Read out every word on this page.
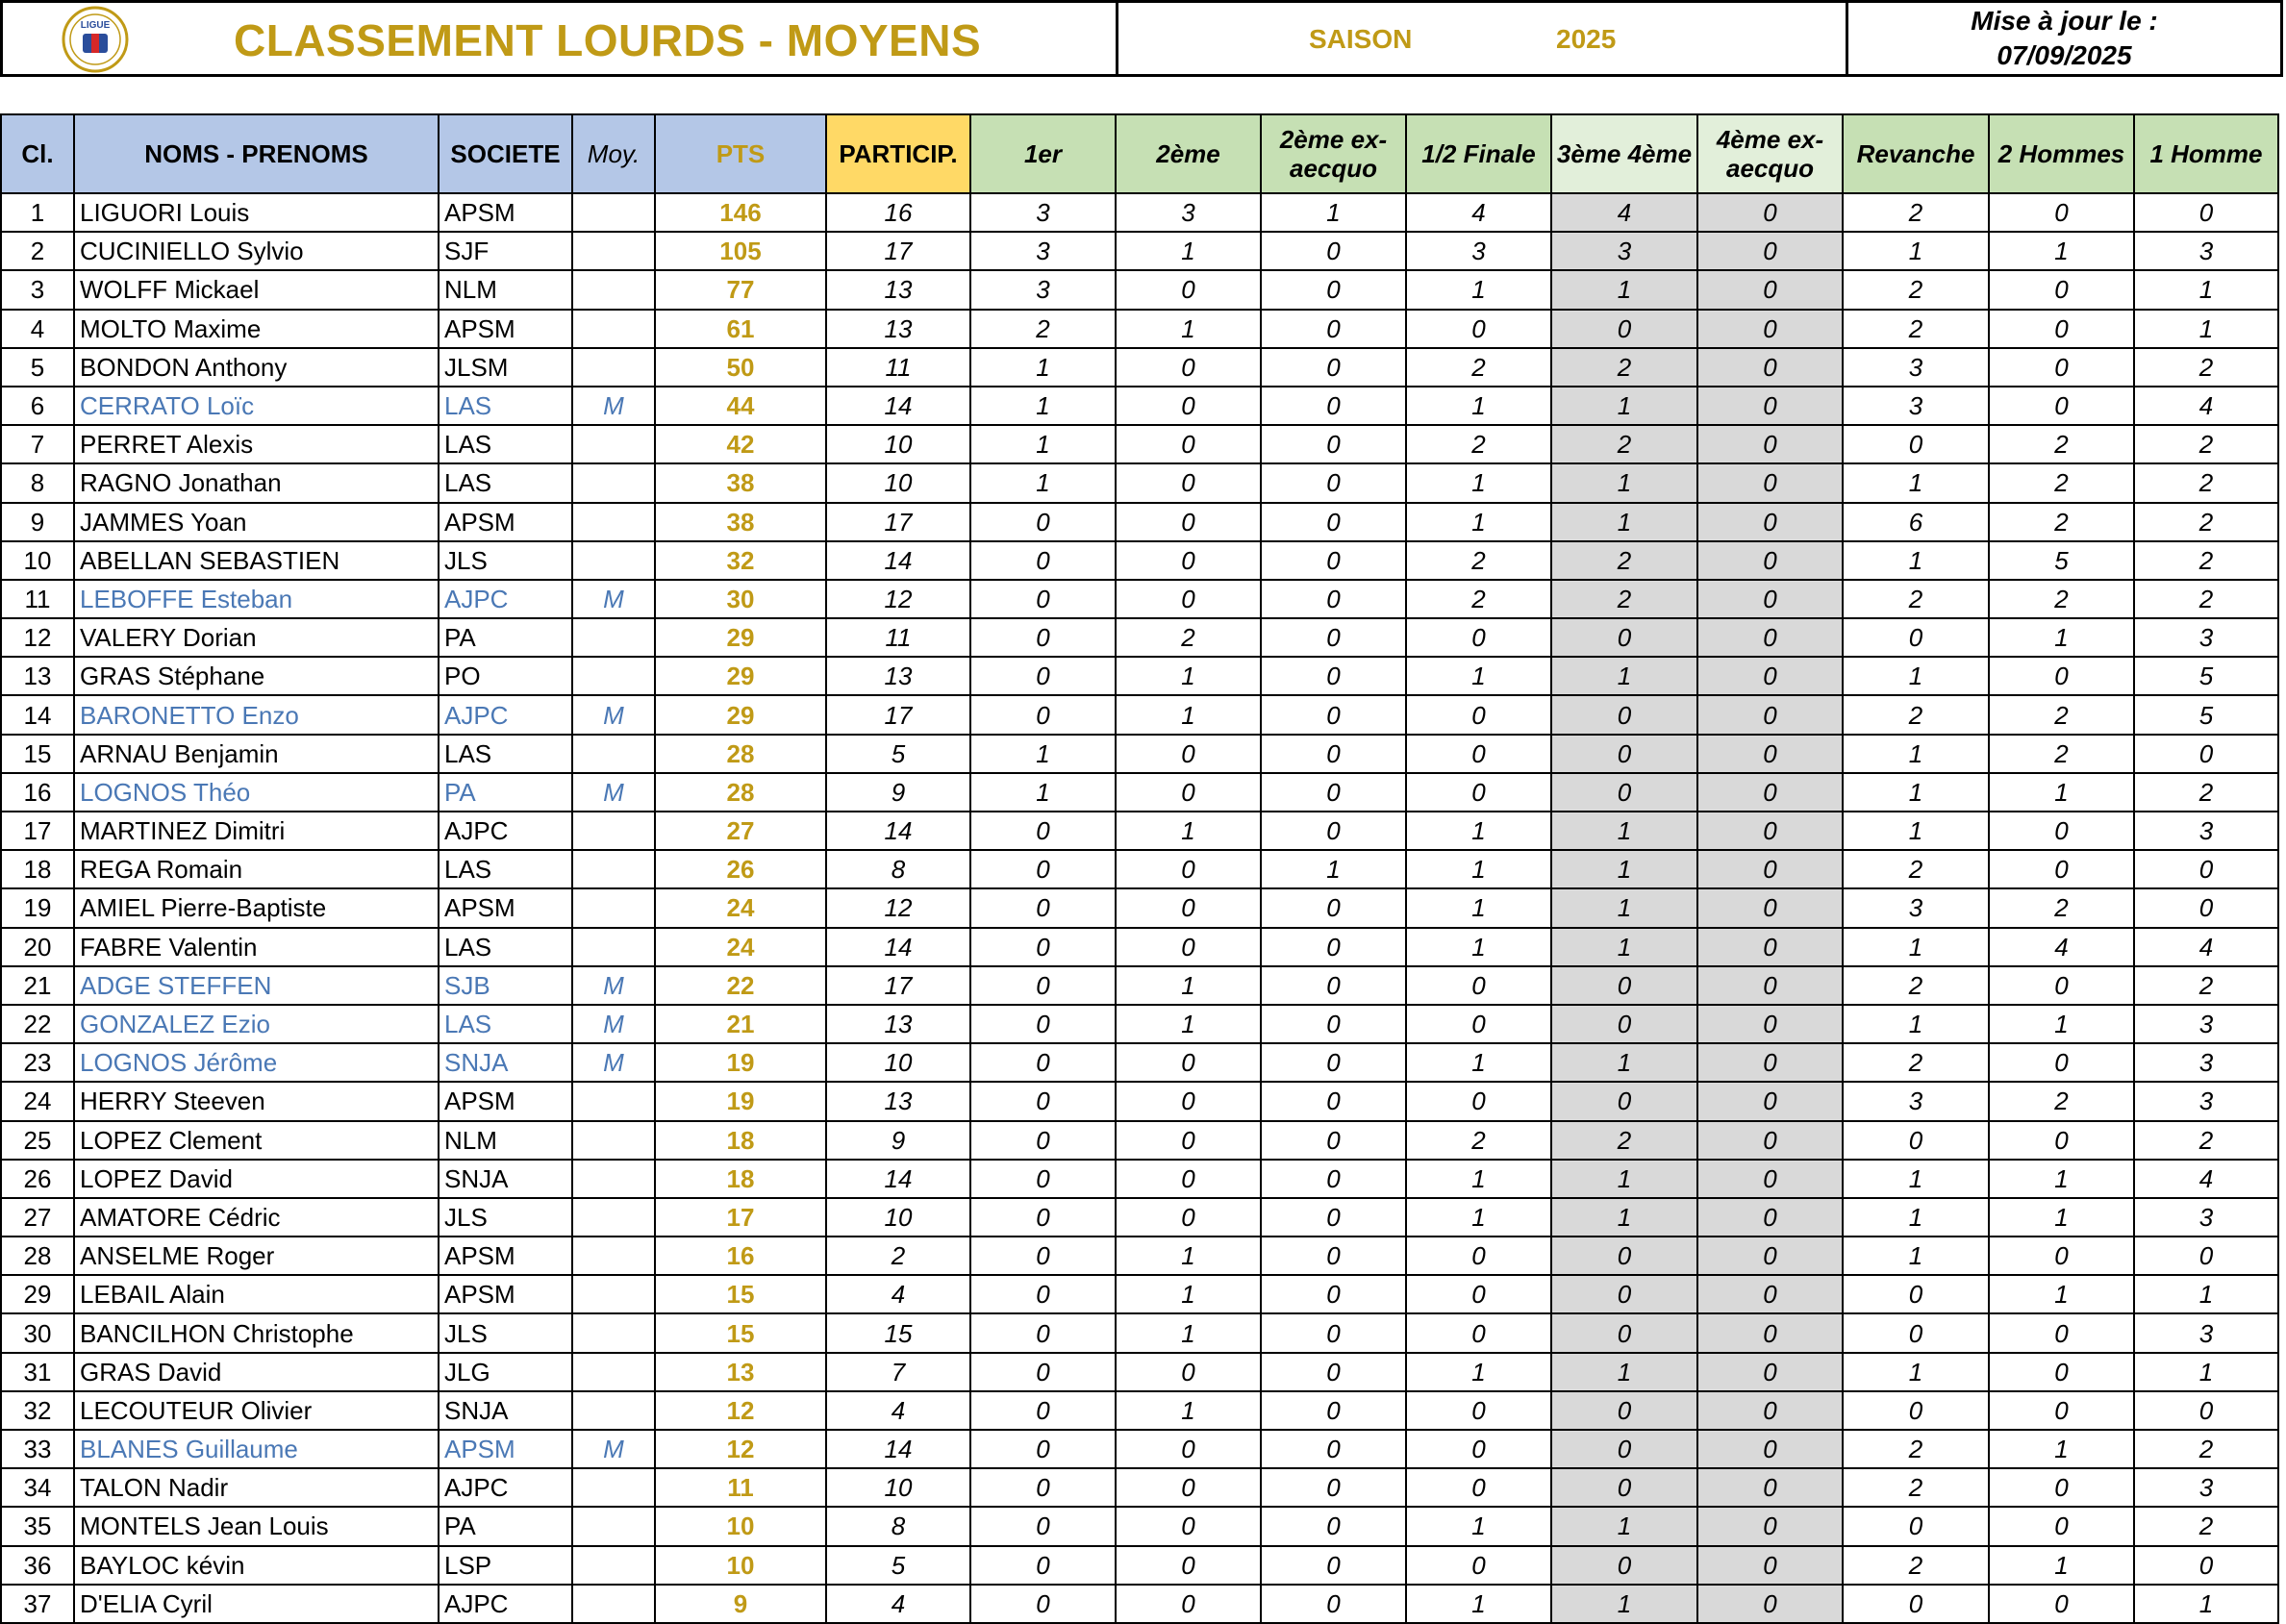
LIGUE	CLASSEMENT LOURDS - MOYENS	SAISON	2025
Mise à jour le :
07/09/2025
Cl.	NOMS - PRENOMS	SOCIETE	Moy.	PTS	PARTICIP.	1er	2ème	2ème ex-aecquo	1/2 Finale	3ème 4ème	4ème ex-aecquo	Revanche	2 Hommes	1 Homme
1	LIGUORI Louis	APSM		146	16	3	3	1	4	4	0	2	0	0
2	CUCINIELLO Sylvio	SJF		105	17	3	1	0	3	3	0	1	1	3
3	WOLFF Mickael	NLM		77	13	3	0	0	1	1	0	2	0	1
4	MOLTO Maxime	APSM		61	13	2	1	0	0	0	0	2	0	1
5	BONDON Anthony	JLSM		50	11	1	0	0	2	2	0	3	0	2
6	CERRATO Loïc	LAS	M	44	14	1	0	0	1	1	0	3	0	4
7	PERRET Alexis	LAS		42	10	1	0	0	2	2	0	0	2	2
8	RAGNO Jonathan	LAS		38	10	1	0	0	1	1	0	1	2	2
9	JAMMES Yoan	APSM		38	17	0	0	0	1	1	0	6	2	2
10	ABELLAN SEBASTIEN	JLS		32	14	0	0	0	2	2	0	1	5	2
11	LEBOFFE Esteban	AJPC	M	30	12	0	0	0	2	2	0	2	2	2
12	VALERY Dorian	PA		29	11	0	2	0	0	0	0	0	1	3
13	GRAS Stéphane	PO		29	13	0	1	0	1	1	0	1	0	5
14	BARONETTO Enzo	AJPC	M	29	17	0	1	0	0	0	0	2	2	5
15	ARNAU Benjamin	LAS		28	5	1	0	0	0	0	0	1	2	0
16	LOGNOS Théo	PA	M	28	9	1	0	0	0	0	0	1	1	2
17	MARTINEZ Dimitri	AJPC		27	14	0	1	0	1	1	0	1	0	3
18	REGA Romain	LAS		26	8	0	0	1	1	1	0	2	0	0
19	AMIEL Pierre-Baptiste	APSM		24	12	0	0	0	1	1	0	3	2	0
20	FABRE Valentin	LAS		24	14	0	0	0	1	1	0	1	4	4
21	ADGE STEFFEN	SJB	M	22	17	0	1	0	0	0	0	2	0	2
22	GONZALEZ Ezio	LAS	M	21	13	0	1	0	0	0	0	1	1	3
23	LOGNOS Jérôme	SNJA	M	19	10	0	0	0	1	1	0	2	0	3
24	HERRY Steeven	APSM		19	13	0	0	0	0	0	0	3	2	3
25	LOPEZ Clement	NLM		18	9	0	0	0	2	2	0	0	0	2
26	LOPEZ David	SNJA		18	14	0	0	0	1	1	0	1	1	4
27	AMATORE Cédric	JLS		17	10	0	0	0	1	1	0	1	1	3
28	ANSELME Roger	APSM		16	2	0	1	0	0	0	0	1	0	0
29	LEBAIL Alain	APSM		15	4	0	1	0	0	0	0	0	1	1
30	BANCILHON Christophe	JLS		15	15	0	1	0	0	0	0	0	0	3
31	GRAS David	JLG		13	7	0	0	0	1	1	0	1	0	1
32	LECOUTEUR Olivier	SNJA		12	4	0	1	0	0	0	0	0	0	0
33	BLANES Guillaume	APSM	M	12	14	0	0	0	0	0	0	2	1	2
34	TALON Nadir	AJPC		11	10	0	0	0	0	0	0	2	0	3
35	MONTELS Jean Louis	PA		10	8	0	0	0	1	1	0	0	0	2
36	BAYLOC kévin	LSP		10	5	0	0	0	0	0	0	2	1	0
37	D'ELIA Cyril	AJPC		9	4	0	0	0	1	1	0	0	0	1
